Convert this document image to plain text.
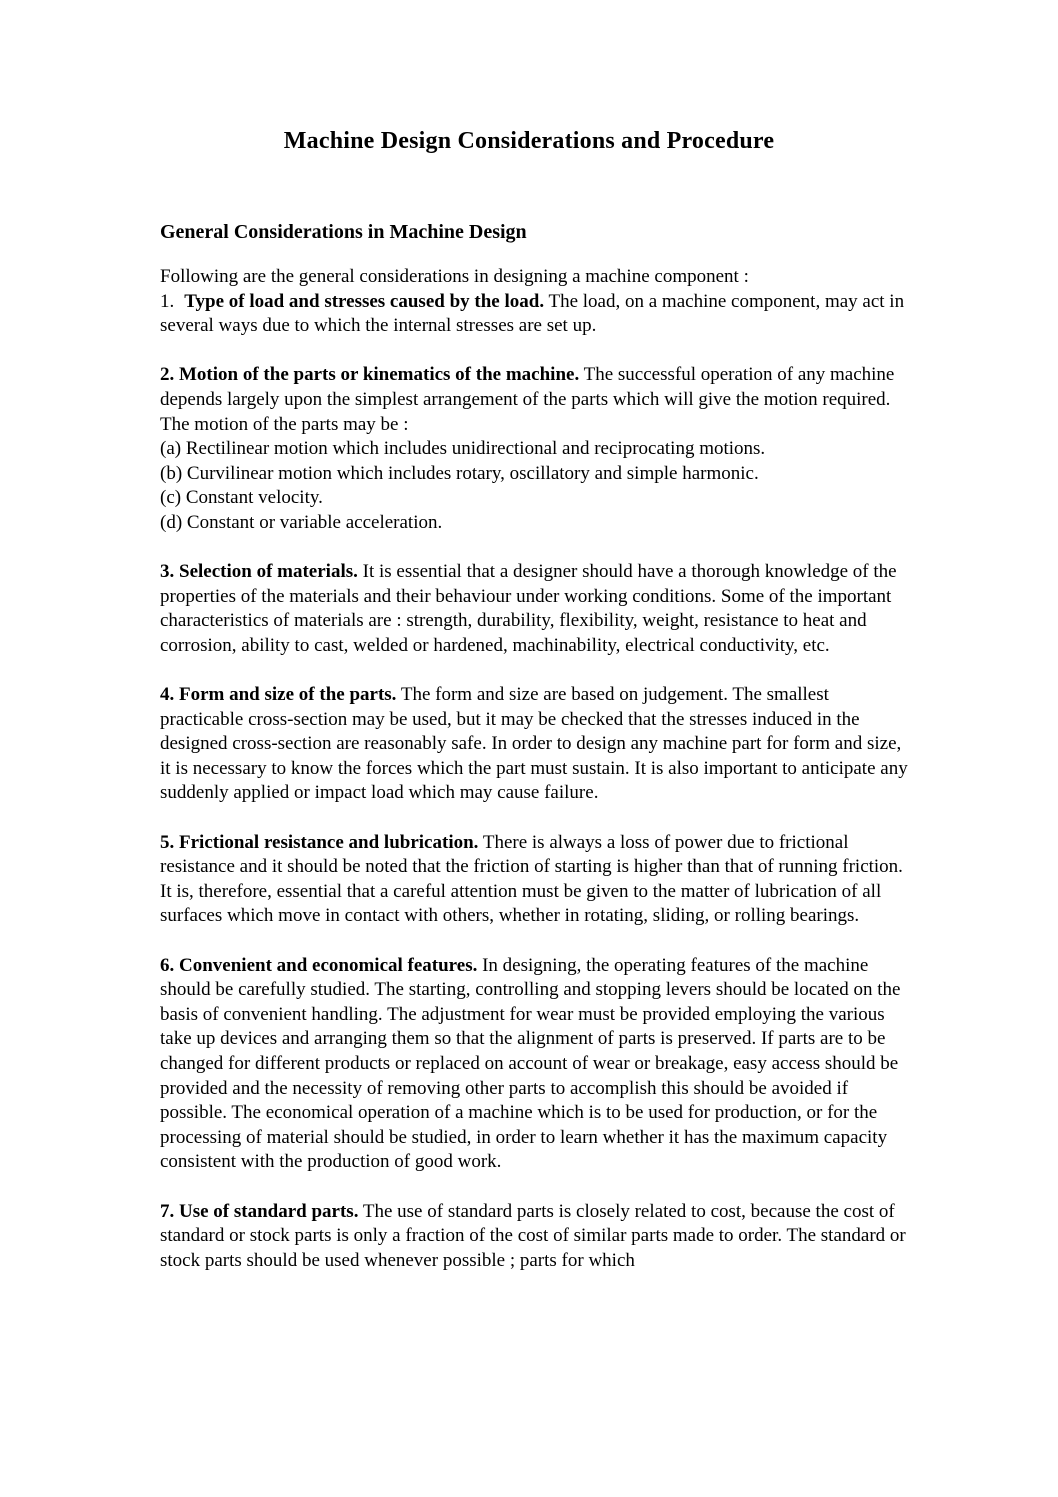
Machine Design Considerations and Procedure
General Considerations in Machine Design
Following are the general considerations in designing a machine component :
1. Type of load and stresses caused by the load. The load, on a machine component, may act in several ways due to which the internal stresses are set up.
2. Motion of the parts or kinematics of the machine. The successful operation of any machine depends largely upon the simplest arrangement of the parts which will give the motion required. The motion of the parts may be :
(a) Rectilinear motion which includes unidirectional and reciprocating motions.
(b) Curvilinear motion which includes rotary, oscillatory and simple harmonic.
(c) Constant velocity.
(d) Constant or variable acceleration.
3. Selection of materials. It is essential that a designer should have a thorough knowledge of the properties of the materials and their behaviour under working conditions. Some of the important characteristics of materials are : strength, durability, flexibility, weight, resistance to heat and corrosion, ability to cast, welded or hardened, machinability, electrical conductivity, etc.
4. Form and size of the parts. The form and size are based on judgement. The smallest practicable cross-section may be used, but it may be checked that the stresses induced in the designed cross-section are reasonably safe. In order to design any machine part for form and size, it is necessary to know the forces which the part must sustain. It is also important to anticipate any suddenly applied or impact load which may cause failure.
5. Frictional resistance and lubrication. There is always a loss of power due to frictional resistance and it should be noted that the friction of starting is higher than that of running friction. It is, therefore, essential that a careful attention must be given to the matter of lubrication of all surfaces which move in contact with others, whether in rotating, sliding, or rolling bearings.
6. Convenient and economical features. In designing, the operating features of the machine should be carefully studied. The starting, controlling and stopping levers should be located on the basis of convenient handling. The adjustment for wear must be provided employing the various take up devices and arranging them so that the alignment of parts is preserved. If parts are to be changed for different products or replaced on account of wear or breakage, easy access should be provided and the necessity of removing other parts to accomplish this should be avoided if possible. The economical operation of a machine which is to be used for production, or for the processing of material should be studied, in order to learn whether it has the maximum capacity consistent with the production of good work.
7. Use of standard parts. The use of standard parts is closely related to cost, because the cost of standard or stock parts is only a fraction of the cost of similar parts made to order. The standard or stock parts should be used whenever possible ; parts for which
